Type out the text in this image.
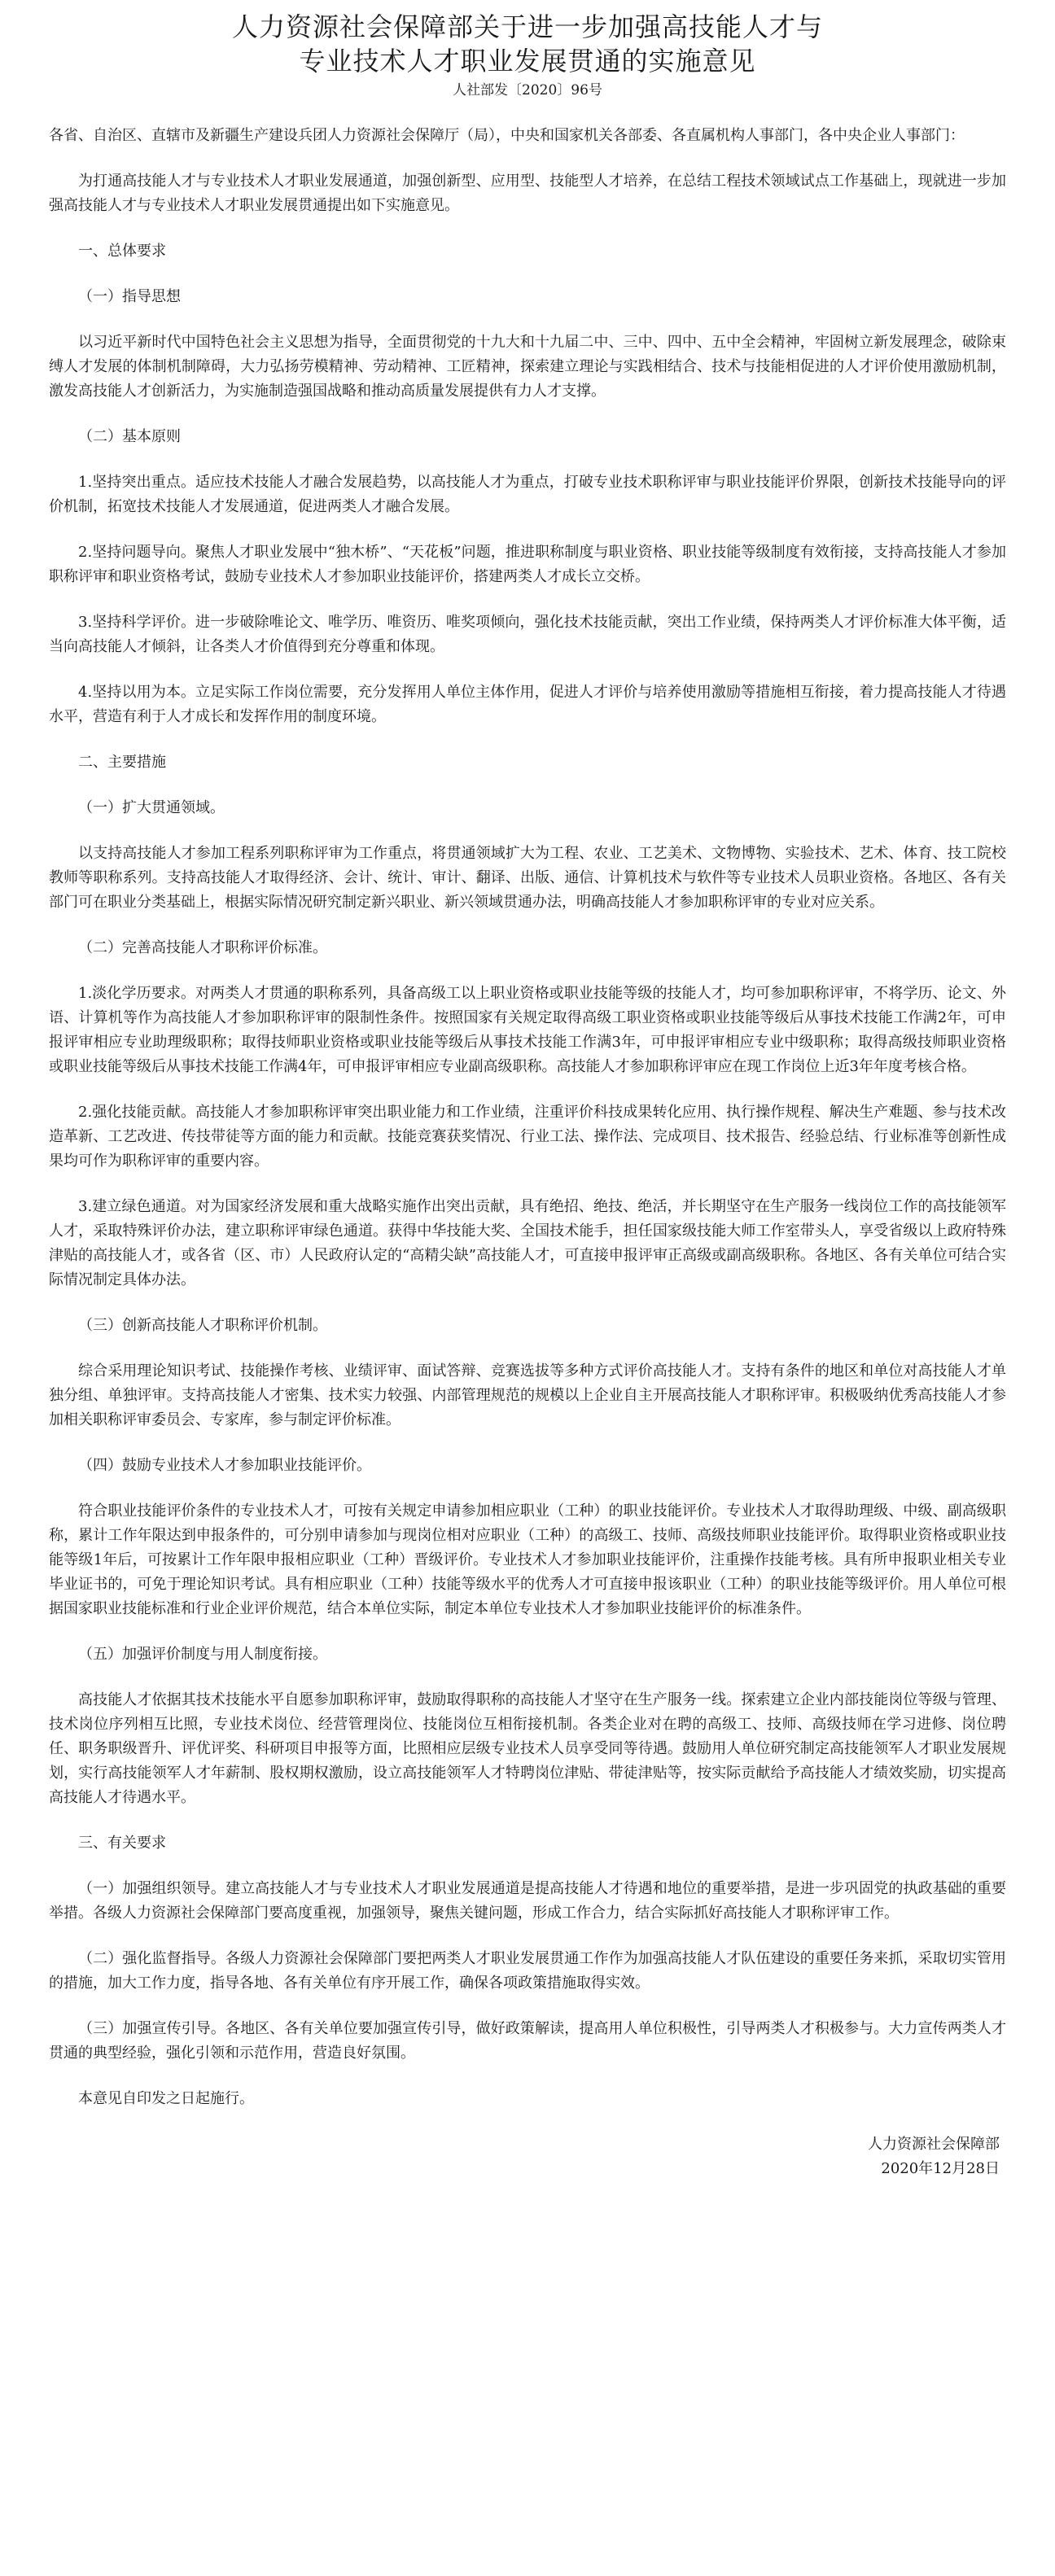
人力资源社会保障部关于进一步加强高技能人才与
专业技术人才职业发展贯通的实施意见
人社部发〔2020〕96号

各省、自治区、直辖市及新疆生产建设兵团人力资源社会保障厅（局），中央和国家机关各部委、各直属机构人事部门，各中央企业人事部门：

为打通高技能人才与专业技术人才职业发展通道，加强创新型、应用型、技能型人才培养，在总结工程技术领域试点工作基础上，现就进一步加强高技能人才与专业技术人才职业发展贯通提出如下实施意见。

一、总体要求
（一）指导思想

以习近平新时代中国特色社会主义思想为指导，全面贯彻党的十九大和十九届二中、三中、四中、五中全会精神，牢固树立新发展理念，破除束缚人才发展的体制机制障碍，大力弘扬劳模精神、劳动精神、工匠精神，探索建立理论与实践相结合、技术与技能相促进的人才评价使用激励机制，激发高技能人才创新活力，为实施制造强国战略和推动高质量发展提供有力人才支撑。

（二）基本原则

1.坚持突出重点。适应技术技能人才融合发展趋势，以高技能人才为重点，打破专业技术职称评审与职业技能评价界限，创新技术技能导向的评价机制，拓宽技术技能人才发展通道，促进两类人才融合发展。

2.坚持问题导向。聚焦人才职业发展中“独木桥”、“天花板”问题，推进职称制度与职业资格、职业技能等级制度有效衔接，支持高技能人才参加职称评审和职业资格考试，鼓励专业技术人才参加职业技能评价，搭建两类人才成长立交桥。

3.坚持科学评价。进一步破除唯论文、唯学历、唯资历、唯奖项倾向，强化技术技能贡献，突出工作业绩，保持两类人才评价标准大体平衡，适当向高技能人才倾斜，让各类人才价值得到充分尊重和体现。

4.坚持以用为本。立足实际工作岗位需要，充分发挥用人单位主体作用，促进人才评价与培养使用激励等措施相互衔接，着力提高技能人才待遇水平，营造有利于人才成长和发挥作用的制度环境。

二、主要措施
（一）扩大贯通领域。

以支持高技能人才参加工程系列职称评审为工作重点，将贯通领域扩大为工程、农业、工艺美术、文物博物、实验技术、艺术、体育、技工院校教师等职称系列。支持高技能人才取得经济、会计、统计、审计、翻译、出版、通信、计算机技术与软件等专业技术人员职业资格。各地区、各有关部门可在职业分类基础上，根据实际情况研究制定新兴职业、新兴领域贯通办法，明确高技能人才参加职称评审的专业对应关系。

（二）完善高技能人才职称评价标准。

1.淡化学历要求。对两类人才贯通的职称系列，具备高级工以上职业资格或职业技能等级的技能人才，均可参加职称评审，不将学历、论文、外语、计算机等作为高技能人才参加职称评审的限制性条件。按照国家有关规定取得高级工职业资格或职业技能等级后从事技术技能工作满2年，可申报评审相应专业助理级职称；取得技师职业资格或职业技能等级后从事技术技能工作满3年，可申报评审相应专业中级职称；取得高级技师职业资格或职业技能等级后从事技术技能工作满4年，可申报评审相应专业副高级职称。高技能人才参加职称评审应在现工作岗位上近3年年度考核合格。

2.强化技能贡献。高技能人才参加职称评审突出职业能力和工作业绩，注重评价科技成果转化应用、执行操作规程、解决生产难题、参与技术改造革新、工艺改进、传技带徒等方面的能力和贡献。技能竞赛获奖情况、行业工法、操作法、完成项目、技术报告、经验总结、行业标准等创新性成果均可作为职称评审的重要内容。

3.建立绿色通道。对为国家经济发展和重大战略实施作出突出贡献，具有绝招、绝技、绝活，并长期坚守在生产服务一线岗位工作的高技能领军人才，采取特殊评价办法，建立职称评审绿色通道。获得中华技能大奖、全国技术能手，担任国家级技能大师工作室带头人，享受省级以上政府特殊津贴的高技能人才，或各省（区、市）人民政府认定的“高精尖缺”高技能人才，可直接申报评审正高级或副高级职称。各地区、各有关单位可结合实际情况制定具体办法。

（三）创新高技能人才职称评价机制。

综合采用理论知识考试、技能操作考核、业绩评审、面试答辩、竞赛选拔等多种方式评价高技能人才。支持有条件的地区和单位对高技能人才单独分组、单独评审。支持高技能人才密集、技术实力较强、内部管理规范的规模以上企业自主开展高技能人才职称评审。积极吸纳优秀高技能人才参加相关职称评审委员会、专家库，参与制定评价标准。

（四）鼓励专业技术人才参加职业技能评价。

符合职业技能评价条件的专业技术人才，可按有关规定申请参加相应职业（工种）的职业技能评价。专业技术人才取得助理级、中级、副高级职称，累计工作年限达到申报条件的，可分别申请参加与现岗位相对应职业（工种）的高级工、技师、高级技师职业技能评价。取得职业资格或职业技能等级1年后，可按累计工作年限申报相应职业（工种）晋级评价。专业技术人才参加职业技能评价，注重操作技能考核。具有所申报职业相关专业毕业证书的，可免于理论知识考试。具有相应职业（工种）技能等级水平的优秀人才可直接申报该职业（工种）的职业技能等级评价。用人单位可根据国家职业技能标准和行业企业评价规范，结合本单位实际，制定本单位专业技术人才参加职业技能评价的标准条件。

（五）加强评价制度与用人制度衔接。

高技能人才依据其技术技能水平自愿参加职称评审，鼓励取得职称的高技能人才坚守在生产服务一线。探索建立企业内部技能岗位等级与管理、技术岗位序列相互比照，专业技术岗位、经营管理岗位、技能岗位互相衔接机制。各类企业对在聘的高级工、技师、高级技师在学习进修、岗位聘任、职务职级晋升、评优评奖、科研项目申报等方面，比照相应层级专业技术人员享受同等待遇。鼓励用人单位研究制定高技能领军人才职业发展规划，实行高技能领军人才年薪制、股权期权激励，设立高技能领军人才特聘岗位津贴、带徒津贴等，按实际贡献给予高技能人才绩效奖励，切实提高高技能人才待遇水平。

三、有关要求

（一）加强组织领导。建立高技能人才与专业技术人才职业发展通道是提高技能人才待遇和地位的重要举措，是进一步巩固党的执政基础的重要举措。各级人力资源社会保障部门要高度重视，加强领导，聚焦关键问题，形成工作合力，结合实际抓好高技能人才职称评审工作。

（二）强化监督指导。各级人力资源社会保障部门要把两类人才职业发展贯通工作作为加强高技能人才队伍建设的重要任务来抓，采取切实管用的措施，加大工作力度，指导各地、各有关单位有序开展工作，确保各项政策措施取得实效。

（三）加强宣传引导。各地区、各有关单位要加强宣传引导，做好政策解读，提高用人单位积极性，引导两类人才积极参与。大力宣传两类人才贯通的典型经验，强化引领和示范作用，营造良好氛围。

本意见自印发之日起施行。

人力资源社会保障部
2020年12月28日
